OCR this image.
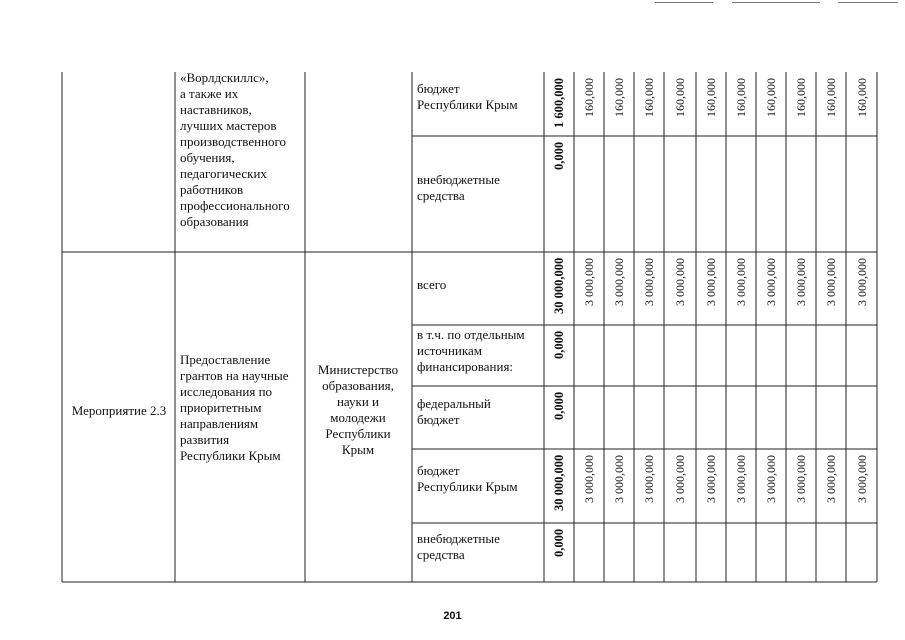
«Ворлдскиллс»,
а также их
наставников,
лучших мастеров
производственного
обучения,
педагогических
работников
профессионального
образования
бюджет
Республики Крым
внебюджетные
средства
Мероприятие 2.3
Предоставление
грантов на научные
исследования по
приоритетным
направлениям
развития
Республики Крым
Министерство
образования,
науки и
молодежи
Республики
Крым
всего
в т.ч. по отдельным
источникам
финансирования:
федеральный
бюджет
бюджет
Республики Крым
внебюджетные
средства
1 600,000 160,000 160,000 160,000 160,000 160,000 160,000 160,000 160,000 160,000 160,000
0,000
30 000,000 3 000,000 3 000,000 3 000,000 3 000,000 3 000,000 3 000,000 3 000,000 3 000,000 3 000,000 3 000,000
0,000
0,000
30 000,000 3 000,000 3 000,000 3 000,000 3 000,000 3 000,000 3 000,000 3 000,000 3 000,000 3 000,000 3 000,000
0,000
201
